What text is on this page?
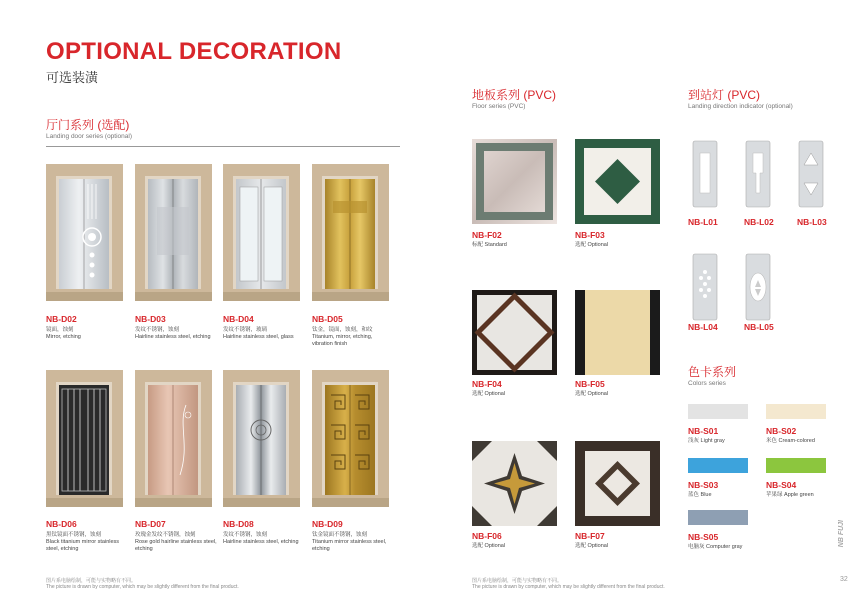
OPTIONAL DECORATION
可选装潢
厅门系列 (选配)
Landing door series (optional)
NB-D02
镜面，蚀刻
Mirror, etching
NB-D03
发纹不锈钢，蚀刻
Hairline stainless steel, etching
NB-D04
发纹不锈钢，玻璃
Hairline stainless steel, glass
NB-D05
钛金，镜面，蚀刻，和纹
Titanium, mirror, etching, vibration finish
NB-D06
黑钛镜面不锈钢，蚀刻
Black titanium mirror stainless steel, etching
NB-D07
玫瑰金发纹不锈钢，蚀刻
Rose gold hairline stainless steel, etching
NB-D08
发纹不锈钢，蚀刻
Hairline stainless steel, etching
NB-D09
钛金镜面不锈钢，蚀刻
Titanium mirror stainless steel, etching
图片系电脑绘制，可能与实物略有不同。
The picture is drawn by computer, which may be slightly different from the final product.
地板系列 (PVC)
Floor series (PVC)
NB-F02
标配 Standard
NB-F03
选配 Optional
NB-F04
选配 Optional
NB-F05
选配 Optional
NB-F06
选配 Optional
NB-F07
选配 Optional
图片系电脑绘制，可能与实物略有不同。
The picture is drawn by computer, which may be slightly different from the final product.
到站灯 (PVC)
Landing direction indicator (optional)
NB-L01	NB-L02	NB-L03
NB-L04	NB-L05
色卡系列
Colors series
NB-S01
浅灰 Light gray
NB-S02
米色 Cream-colored
NB-S03
蓝色 Blue
NB-S04
苹果绿 Apple green
NB-S05
电脑灰 Computer gray	NB FUJI
32
